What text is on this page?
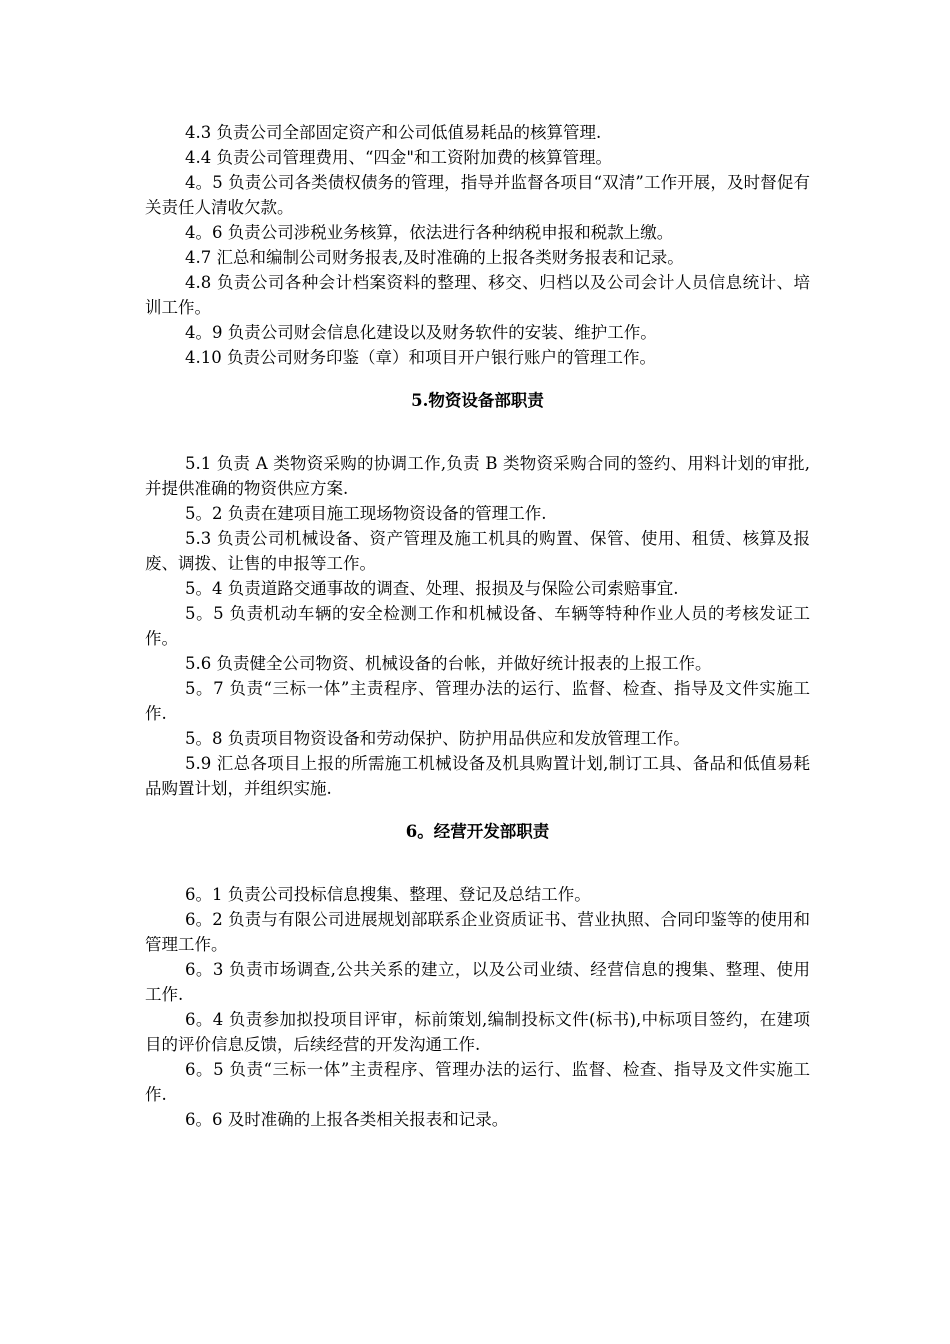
4.3 负责公司全部固定资产和公司低值易耗品的核算管理.

4.4 负责公司管理费用、“四金"和工资附加费的核算管理。

4。5 负责公司各类债权债务的管理，指导并监督各项目“双清”工作开展，及时督促有关责任人清收欠款。

4。6 负责公司涉税业务核算，依法进行各种纳税申报和税款上缴。

4.7 汇总和编制公司财务报表,及时准确的上报各类财务报表和记录。

4.8 负责公司各种会计档案资料的整理、移交、归档以及公司会计人员信息统计、培训工作。

4。9 负责公司财会信息化建设以及财务软件的安装、维护工作。

4.10 负责公司财务印鉴（章）和项目开户银行账户的管理工作。

5.物资设备部职责

5.1 负责 A 类物资采购的协调工作,负责 B 类物资采购合同的签约、用料计划的审批,并提供准确的物资供应方案.

5。2 负责在建项目施工现场物资设备的管理工作.

5.3 负责公司机械设备、资产管理及施工机具的购置、保管、使用、租赁、核算及报废、调拨、让售的申报等工作。

5。4 负责道路交通事故的调查、处理、报损及与保险公司索赔事宜.

5。5 负责机动车辆的安全检测工作和机械设备、车辆等特种作业人员的考核发证工作。

5.6 负责健全公司物资、机械设备的台帐，并做好统计报表的上报工作。

5。7 负责“三标一体”主责程序、管理办法的运行、监督、检查、指导及文件实施工作.

5。8 负责项目物资设备和劳动保护、防护用品供应和发放管理工作。

5.9 汇总各项目上报的所需施工机械设备及机具购置计划,制订工具、备品和低值易耗品购置计划，并组织实施.

6。经营开发部职责

6。1 负责公司投标信息搜集、整理、登记及总结工作。

6。2 负责与有限公司进展规划部联系企业资质证书、营业执照、合同印鉴等的使用和管理工作。

6。3 负责市场调查,公共关系的建立，以及公司业绩、经营信息的搜集、整理、使用工作.

6。4 负责参加拟投项目评审，标前策划,编制投标文件(标书),中标项目签约，在建项目的评价信息反馈，后续经营的开发沟通工作.

6。5 负责“三标一体”主责程序、管理办法的运行、监督、检查、指导及文件实施工作.

6。6 及时准确的上报各类相关报表和记录。
